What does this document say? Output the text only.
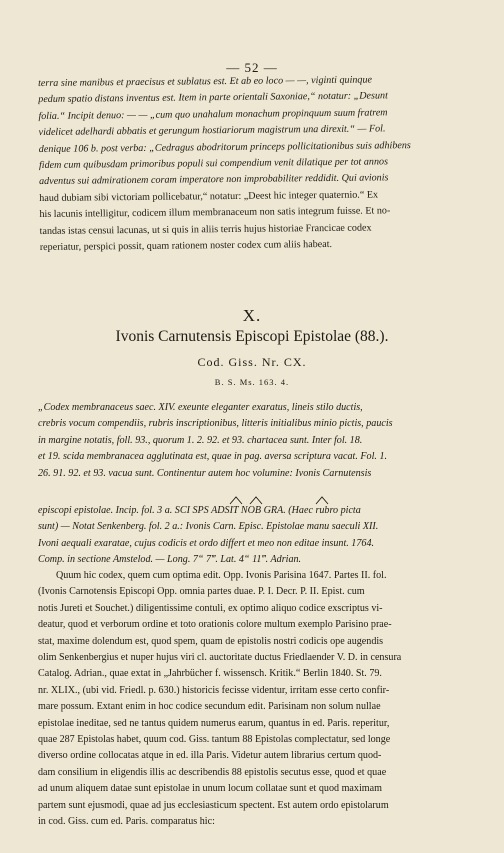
— 52 —
terra sine manibus et praecisus et sublatus est. Et ab eo loco — —, viginti quinque
pedum spatio distans inventus est. Item in parte orientali Saxoniae,“ notatur: „Desunt
folia.“ Incipit denuo: — — „cum quo unahalum monachum propinquum suum fratrem
videlicet adelhardi abbatis et gerungum hostiariorum magistrum una direxit.“ — Fol.
denique 106 b. post verba: „Cedragus abodritorum princeps pollicitationibus suis adhibens
fidem cum quibusdam primoribus populi sui compendium venit dilatique per tot annos
adventus sui admirationem coram imperatore non improbabiliter reddidit. Qui avionis
haud dubiam sibi victoriam pollicebatur,“ notatur: „Deest hic integer quaternio.“ Ex
his lacunis intelligitur, codicem illum membranaceum non satis integrum fuisse. Et no-
tandas istas censui lacunas, ut si quis in aliis terris hujus historiae Francicae codex
reperiatur, perspici possit, quam rationem noster codex cum aliis habeat.
X.
Ivonis Carnutensis Episcopi Epistolae (88.).
Cod. Giss. Nr. CX.
B. S. Ms. 163. 4.
„Codex membranaceus saec. XIV. exeunte eleganter exaratus, lineis stilo ductis,
crebris vocum compendiis, rubris inscriptionibus, litteris initialibus miniо pictis, paucis
in margine notatis, foll. 93., quorum 1. 2. 92. et 93. chartacea sunt. Inter fol. 18.
et 19. scida membranacea agglutinata est, quae in pag. aversa scriptura vacat. Fol. 1.
26. 91. 92. et 93. vacua sunt. Continentur autem hoc volumine: Ivonis Carnutensis
episcopi epistolae. Incip. fol. 3 a. SCI SPS ADSIT NOB GRA. (Haec rubro picta
sunt) — Notat Senkenberg. fol. 2 a.: Ivonis Carn. Episc. Epistolae manu saeculi XII.
Ivoni aequali exaratae, cujus codicis et ordo differt et meo non editae insunt. 1764.
Comp. in sectione Amstelod. — Long. 7“ 7‴. Lat. 4“ 11‴. Adrian.
Quum hic codex, quem cum optima edit. Opp. Ivonis Parisina 1647. Partes II. fol.
(Ivonis Carnotensis Episcopi Opp. omnia partes duae. P. I. Decr. P. II. Epist. cum
notis Jureti et Souchet.) diligentissime contuli, ex optimo aliquo codice exscriptus vi-
deatur, quod et verborum ordine et toto orationis colore multum exemplo Parisino prae-
stat, maxime dolendum est, quod spem, quam de epistolis nostri codicis ope augendis
olim Senkenbergius et nuper hujus viri cl. auctoritate ductus Friedlaender V. D. in censura
Catalog. Adrian., quae extat in „Jahrbücher f. wissensch. Kritik.“ Berlin 1840. St. 79.
nr. XLIX., (ubi vid. Friedl. p. 630.) historicis fecisse videntur, irritam esse certo confir-
mare possum. Extant enim in hoc codice secundum edit. Parisinam non solum nullae
epistolae ineditae, sed ne tantus quidem numerus earum, quantus in ed. Paris. reperitur,
quae 287 Epistolas habet, quum cod. Giss. tantum 88 Epistolas complectatur, sed longe
diverso ordine collocatas atque in ed. illa Paris. Videtur autem librarius certum quod-
dam consilium in eligendis illis ac describendis 88 epistolis secutus esse, quod et quae
ad unum aliquem datae sunt epistolae in unum locum collatae sunt et quod maximam
partem sunt ejusmodi, quae ad jus ecclesiasticum spectent. Est autem ordo epistolarum
in cod. Giss. cum ed. Paris. comparatus hic:
